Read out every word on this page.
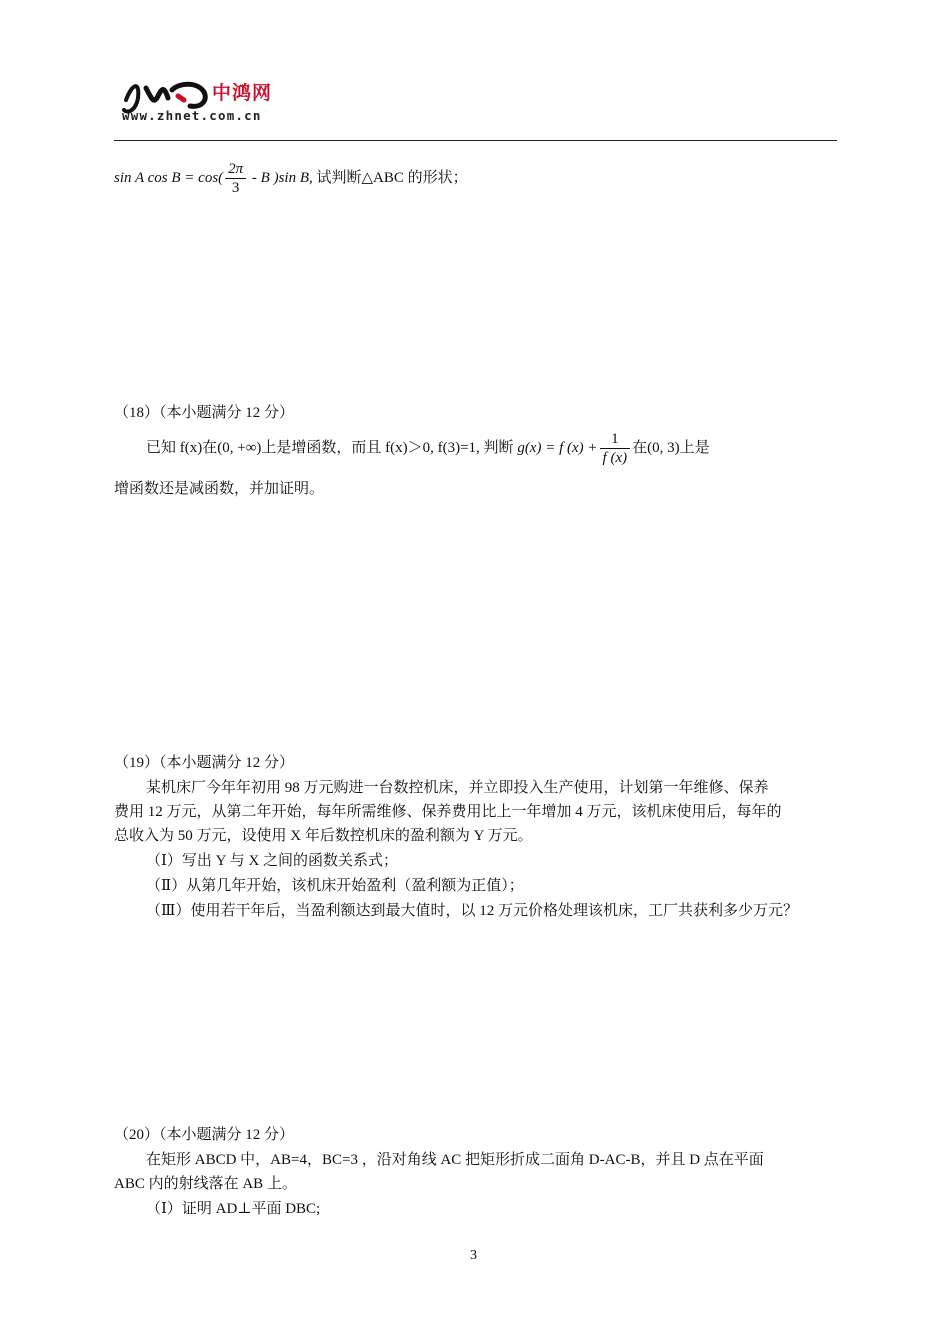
中鸿网
www.zhnet.com.cn
sin A $\cos B = \cos( \frac{2\pi}{3} - B$ )sin B, 试判断△ABC 的形状；
（18）（本小题满分 12 分）
已知 f(x)在(0, +∞)上是增函数，而且 f(x)＞0, f(3)=1, 判断 g(x) = f $(x) + \frac{1}{f (x)}$ 在(0, 3)上是
增函数还是减函数，并加证明。
（19）（本小题满分 12 分）
某机床厂今年年初用 98 万元购进一台数控机床，并立即投入生产使用，计划第一年维修、保养
费用 12 万元，从第二年开始，每年所需维修、保养费用比上一年增加 4 万元，该机床使用后，每年的
总收入为 50 万元，设使用 X 年后数控机床的盈利额为 Y 万元。
（Ⅰ）写出 Y 与 X 之间的函数关系式；
（Ⅱ）从第几年开始，该机床开始盈利（盈利额为正值）；
（Ⅲ）使用若干年后，当盈利额达到最大值时，以 12 万元价格处理该机床，工厂共获利多少万元？
（20）（本小题满分 12 分）
在矩形 ABCD 中，AB=4，BC=3 ，沿对角线 AC 把矩形折成二面角 D-AC-B，并且 D 点在平面
ABC 内的射线落在 AB 上。
（Ⅰ）证明 AD⊥平面 DBC;
3
